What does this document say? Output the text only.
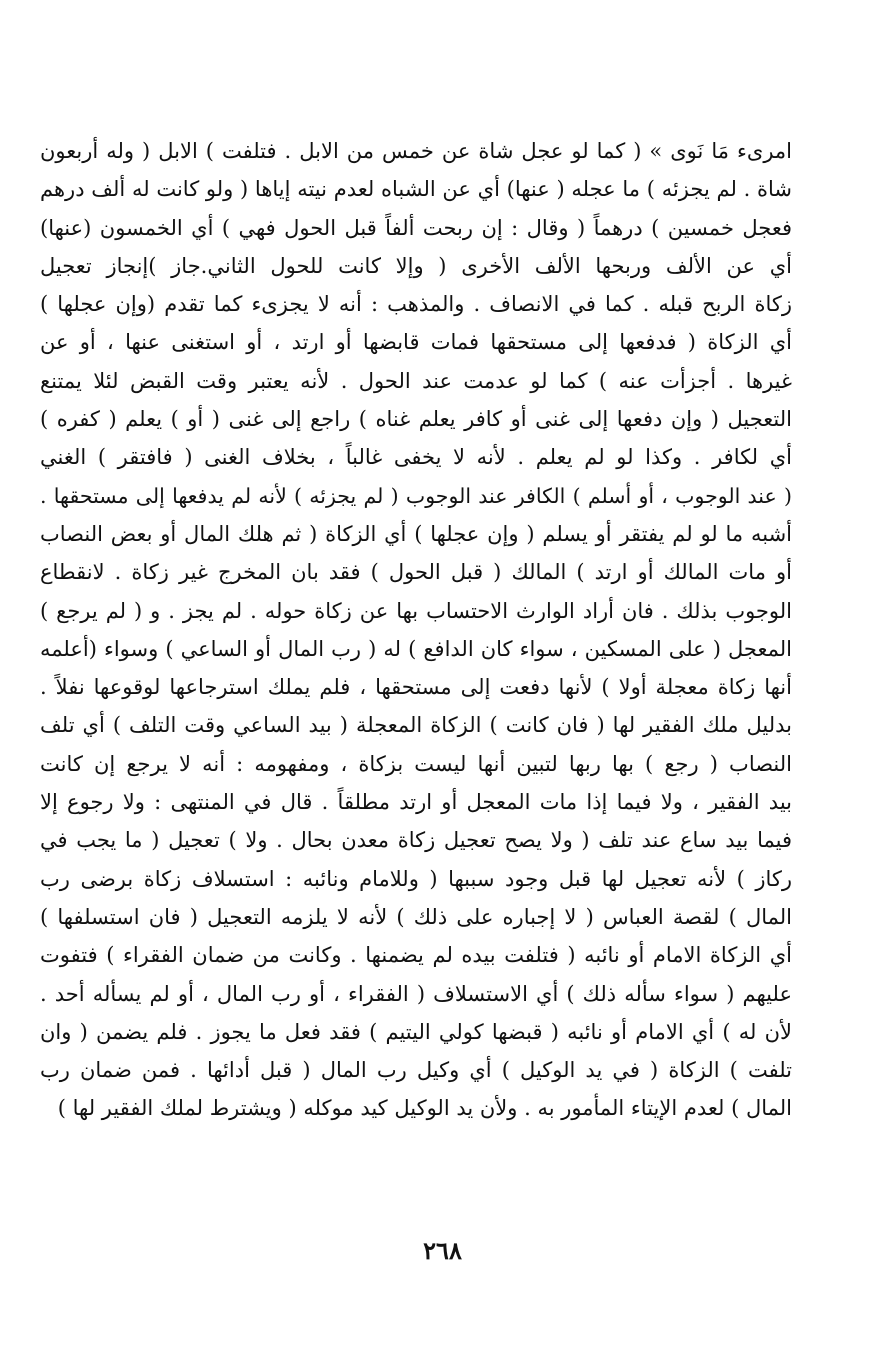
امرىء مَا نَوى » ( كما لو عجل شاة عن خمس من الابل . فتلفت ) الابل ( وله أربعون
شاة . لم يجزئه ) ما عجله ( عنها) أي عن الشباه لعدم نيته إياها ( ولو كانت له ألف درهم
فعجل خمسين ) درهماً ( وقال : إن ربحت ألفاً قبل الحول فهي ) أي الخمسون (عنها)
أي عن الألف وربحها الألف الأخرى ( وإلا كانت للحول الثاني.جاز )إنجاز تعجيل
زكاة الربح قبله . كما في الانصاف . والمذهب : أنه لا يجزىء كما تقدم (وإن عجلها )
أي الزكاة ( فدفعها إلى مستحقها فمات قابضها أو ارتد ، أو استغنى عنها ، أو عن
غيرها . أجزأت عنه ) كما لو عدمت عند الحول . لأنه يعتبر وقت القبض لئلا يمتنع
التعجيل ( وإن دفعها إلى غنى أو كافر يعلم غناه ) راجع إلى غنى ( أو ) يعلم ( كفره )
أي لكافر . وكذا لو لم يعلم . لأنه لا يخفى غالباً ، بخلاف الغنى ( فافتقر ) الغني
( عند الوجوب ، أو أسلم ) الكافر عند الوجوب ( لم يجزئه ) لأنه لم يدفعها إلى مستحقها .
أشبه ما لو لم يفتقر أو يسلم ( وإن عجلها ) أي الزكاة ( ثم هلك المال أو بعض النصاب
أو مات المالك أو ارتد ) المالك ( قبل الحول ) فقد بان المخرج غير زكاة . لانقطاع
الوجوب بذلك . فان أراد الوارث الاحتساب بها عن زكاة حوله . لم يجز . و ( لم يرجع )
المعجل ( على المسكين ، سواء كان الدافع ) له ( رب المال أو الساعي ) وسواء (أعلمه
أنها زكاة معجلة أولا ) لأنها دفعت إلى مستحقها ، فلم يملك استرجاعها لوقوعها نفلاً .
بدليل ملك الفقير لها ( فان كانت ) الزكاة المعجلة ( بيد الساعي وقت التلف ) أي تلف
النصاب ( رجع ) بها ربها لتبين أنها ليست بزكاة ، ومفهومه : أنه لا يرجع إن كانت
بيد الفقير ، ولا فيما إذا مات المعجل أو ارتد مطلقاً . قال في المنتهى : ولا رجوع إلا
فيما بيد ساع عند تلف ( ولا يصح تعجيل زكاة معدن بحال . ولا ) تعجيل ( ما يجب في
ركاز ) لأنه تعجيل لها قبل وجود سببها ( وللامام ونائبه : استسلاف زكاة برضى رب
المال ) لقصة العباس ( لا إجباره على ذلك ) لأنه لا يلزمه التعجيل ( فان استسلفها )
أي الزكاة الامام أو نائبه ( فتلفت بيده لم يضمنها . وكانت من ضمان الفقراء ) فتفوت
عليهم ( سواء سأله ذلك ) أي الاستسلاف ( الفقراء ، أو رب المال ، أو لم يسأله أحد .
لأن له ) أي الامام أو نائبه ( قبضها كولي اليتيم ) فقد فعل ما يجوز . فلم يضمن ( وان
تلفت ) الزكاة ( في يد الوكيل ) أي وكيل رب المال ( قبل أدائها . فمن ضمان رب
المال ) لعدم الإيتاء المأمور به . ولأن يد الوكيل كيد موكله ( ويشترط لملك الفقير لها )
٢٦٨
